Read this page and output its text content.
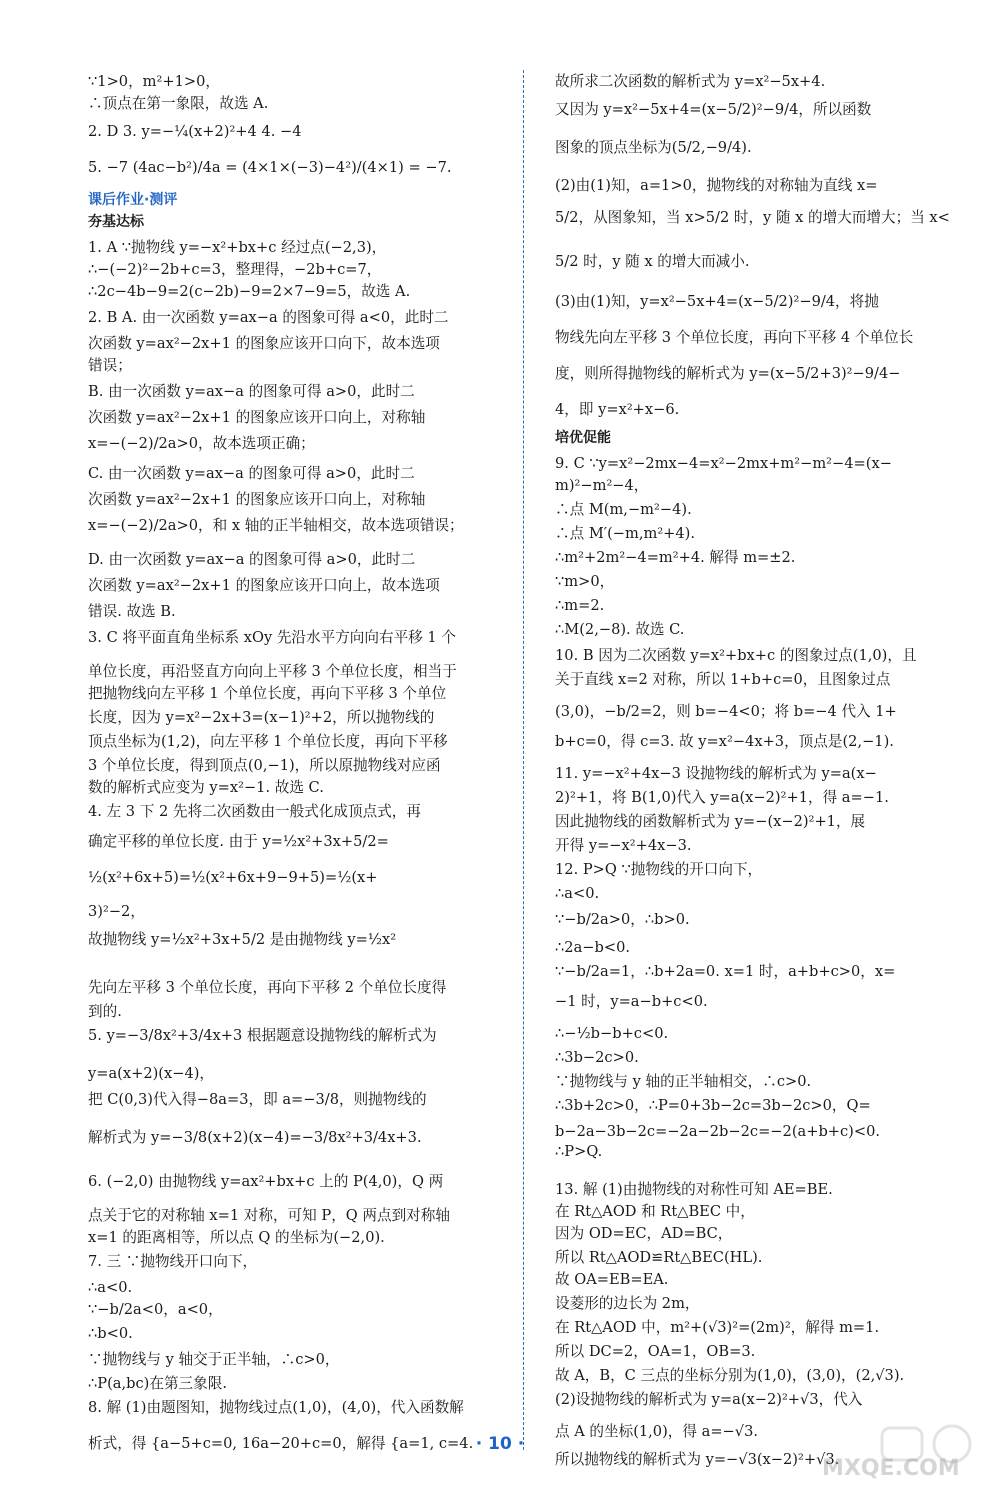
∵1>0，m²+1>0，
∴顶点在第一象限，故选 A.
2. D 3. y=−¼(x+2)²+4 4. −4
5. −7 (4ac−b²)/4a = (4×1×(−3)−4²)/(4×1) = −7.
课后作业·测评
夯基达标
1. A ∵抛物线 y=−x²+bx+c 经过点(−2,3)，
∴−(−2)²−2b+c=3，整理得，−2b+c=7，
∴2c−4b−9=2(c−2b)−9=2×7−9=5，故选 A.
2. B A. 由一次函数 y=ax−a 的图象可得 a<0，此时二
次函数 y=ax²−2x+1 的图象应该开口向下，故本选项
错误；
B. 由一次函数 y=ax−a 的图象可得 a>0，此时二
次函数 y=ax²−2x+1 的图象应该开口向上，对称轴
x=−(−2)/2a>0，故本选项正确；
C. 由一次函数 y=ax−a 的图象可得 a>0，此时二
次函数 y=ax²−2x+1 的图象应该开口向上，对称轴
x=−(−2)/2a>0，和 x 轴的正半轴相交，故本选项错误；
D. 由一次函数 y=ax−a 的图象可得 a>0，此时二
次函数 y=ax²−2x+1 的图象应该开口向上，故本选项
错误. 故选 B.
3. C 将平面直角坐标系 xOy 先沿水平方向向右平移 1 个
单位长度，再沿竖直方向向上平移 3 个单位长度，相当于
把抛物线向左平移 1 个单位长度，再向下平移 3 个单位
长度，因为 y=x²−2x+3=(x−1)²+2，所以抛物线的
顶点坐标为(1,2)，向左平移 1 个单位长度，再向下平移
3 个单位长度，得到顶点(0,−1)，所以原抛物线对应函
数的解析式应变为 y=x²−1. 故选 C.
4. 左 3 下 2 先将二次函数由一般式化成顶点式，再
确定平移的单位长度. 由于 y=½x²+3x+5/2=
½(x²+6x+5)=½(x²+6x+9−9+5)=½(x+
3)²−2，
故抛物线 y=½x²+3x+5/2 是由抛物线 y=½x²
先向左平移 3 个单位长度，再向下平移 2 个单位长度得
到的.
5. y=−3/8x²+3/4x+3 根据题意设抛物线的解析式为
y=a(x+2)(x−4)，
把 C(0,3)代入得−8a=3，即 a=−3/8，则抛物线的
解析式为 y=−3/8(x+2)(x−4)=−3/8x²+3/4x+3.
6. (−2,0) 由抛物线 y=ax²+bx+c 上的 P(4,0)，Q 两
点关于它的对称轴 x=1 对称，可知 P，Q 两点到对称轴
x=1 的距离相等，所以点 Q 的坐标为(−2,0).
7. 三 ∵抛物线开口向下，
∴a<0.
∵−b/2a<0，a<0，
∴b<0.
∵抛物线与 y 轴交于正半轴，∴c>0，
∴P(a,bc)在第三象限.
8. 解 (1)由题图知，抛物线过点(1,0)，(4,0)，代入函数解
析式，得 {a−5+c=0, 16a−20+c=0，解得 {a=1, c=4.
故所求二次函数的解析式为 y=x²−5x+4.
又因为 y=x²−5x+4=(x−5/2)²−9/4，所以函数
图象的顶点坐标为(5/2,−9/4).
(2)由(1)知，a=1>0，抛物线的对称轴为直线 x=
5/2，从图象知，当 x>5/2 时，y 随 x 的增大而增大；当 x<
5/2 时，y 随 x 的增大而减小.
(3)由(1)知，y=x²−5x+4=(x−5/2)²−9/4，将抛
物线先向左平移 3 个单位长度，再向下平移 4 个单位长
度，则所得抛物线的解析式为 y=(x−5/2+3)²−9/4−
4，即 y=x²+x−6.
培优促能
9. C ∵y=x²−2mx−4=x²−2mx+m²−m²−4=(x−
m)²−m²−4，
∴点 M(m,−m²−4).
∴点 M′(−m,m²+4).
∴m²+2m²−4=m²+4. 解得 m=±2.
∵m>0，
∴m=2.
∴M(2,−8). 故选 C.
10. B 因为二次函数 y=x²+bx+c 的图象过点(1,0)，且
关于直线 x=2 对称，所以 1+b+c=0，且图象过点
(3,0)，−b/2=2，则 b=−4<0；将 b=−4 代入 1+
b+c=0，得 c=3. 故 y=x²−4x+3，顶点是(2,−1).
11. y=−x²+4x−3 设抛物线的解析式为 y=a(x−
2)²+1，将 B(1,0)代入 y=a(x−2)²+1，得 a=−1.
因此抛物线的函数解析式为 y=−(x−2)²+1，展
开得 y=−x²+4x−3.
12. P>Q ∵抛物线的开口向下，
∴a<0.
∵−b/2a>0，∴b>0.
∴2a−b<0.
∵−b/2a=1，∴b+2a=0. x=1 时，a+b+c>0，x=
−1 时，y=a−b+c<0.
∴−½b−b+c<0.
∴3b−2c>0.
∵抛物线与 y 轴的正半轴相交，∴c>0.
∴3b+2c>0，∴P=0+3b−2c=3b−2c>0，Q=
b−2a−3b−2c=−2a−2b−2c=−2(a+b+c)<0.
∴P>Q.
13. 解 (1)由抛物线的对称性可知 AE=BE.
在 Rt△AOD 和 Rt△BEC 中，
因为 OD=EC，AD=BC，
所以 Rt△AOD≌Rt△BEC(HL).
故 OA=EB=EA.
设菱形的边长为 2m，
在 Rt△AOD 中，m²+(√3)²=(2m)²，解得 m=1.
所以 DC=2，OA=1，OB=3.
故 A，B，C 三点的坐标分别为(1,0)，(3,0)，(2,√3).
(2)设抛物线的解析式为 y=a(x−2)²+√3，代入
点 A 的坐标(1,0)，得 a=−√3.
所以抛物线的解析式为 y=−√3(x−2)²+√3.
· 10 ·
MXQE.COM
